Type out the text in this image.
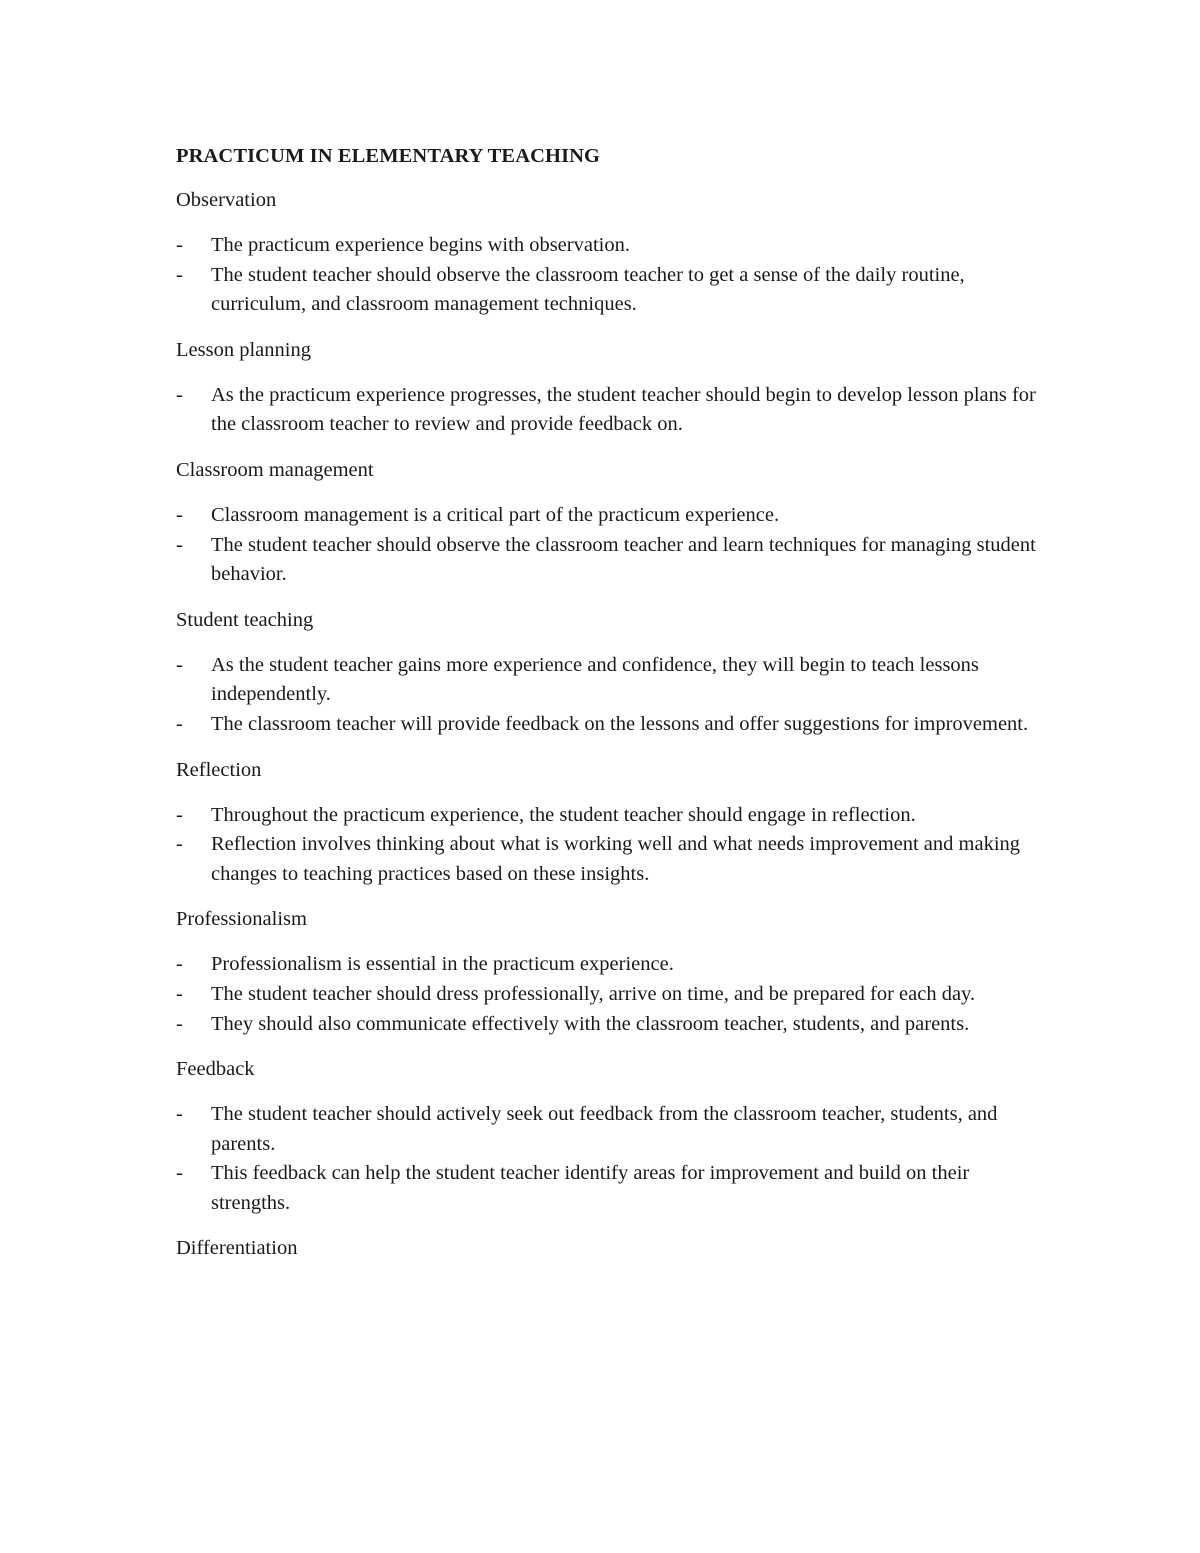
PRACTICUM IN ELEMENTARY TEACHING
Observation
-	The practicum experience begins with observation.
-	The student teacher should observe the classroom teacher to get a sense of the daily routine, curriculum, and classroom management techniques.
Lesson planning
-	As the practicum experience progresses, the student teacher should begin to develop lesson plans for the classroom teacher to review and provide feedback on.
Classroom management
-	Classroom management is a critical part of the practicum experience.
-	The student teacher should observe the classroom teacher and learn techniques for managing student behavior.
Student teaching
-	As the student teacher gains more experience and confidence, they will begin to teach lessons independently.
-	The classroom teacher will provide feedback on the lessons and offer suggestions for improvement.
Reflection
-	Throughout the practicum experience, the student teacher should engage in reflection.
-	Reflection involves thinking about what is working well and what needs improvement and making changes to teaching practices based on these insights.
Professionalism
-	Professionalism is essential in the practicum experience.
-	The student teacher should dress professionally, arrive on time, and be prepared for each day.
-	They should also communicate effectively with the classroom teacher, students, and parents.
Feedback
-	The student teacher should actively seek out feedback from the classroom teacher, students, and parents.
-	This feedback can help the student teacher identify areas for improvement and build on their strengths.
Differentiation
